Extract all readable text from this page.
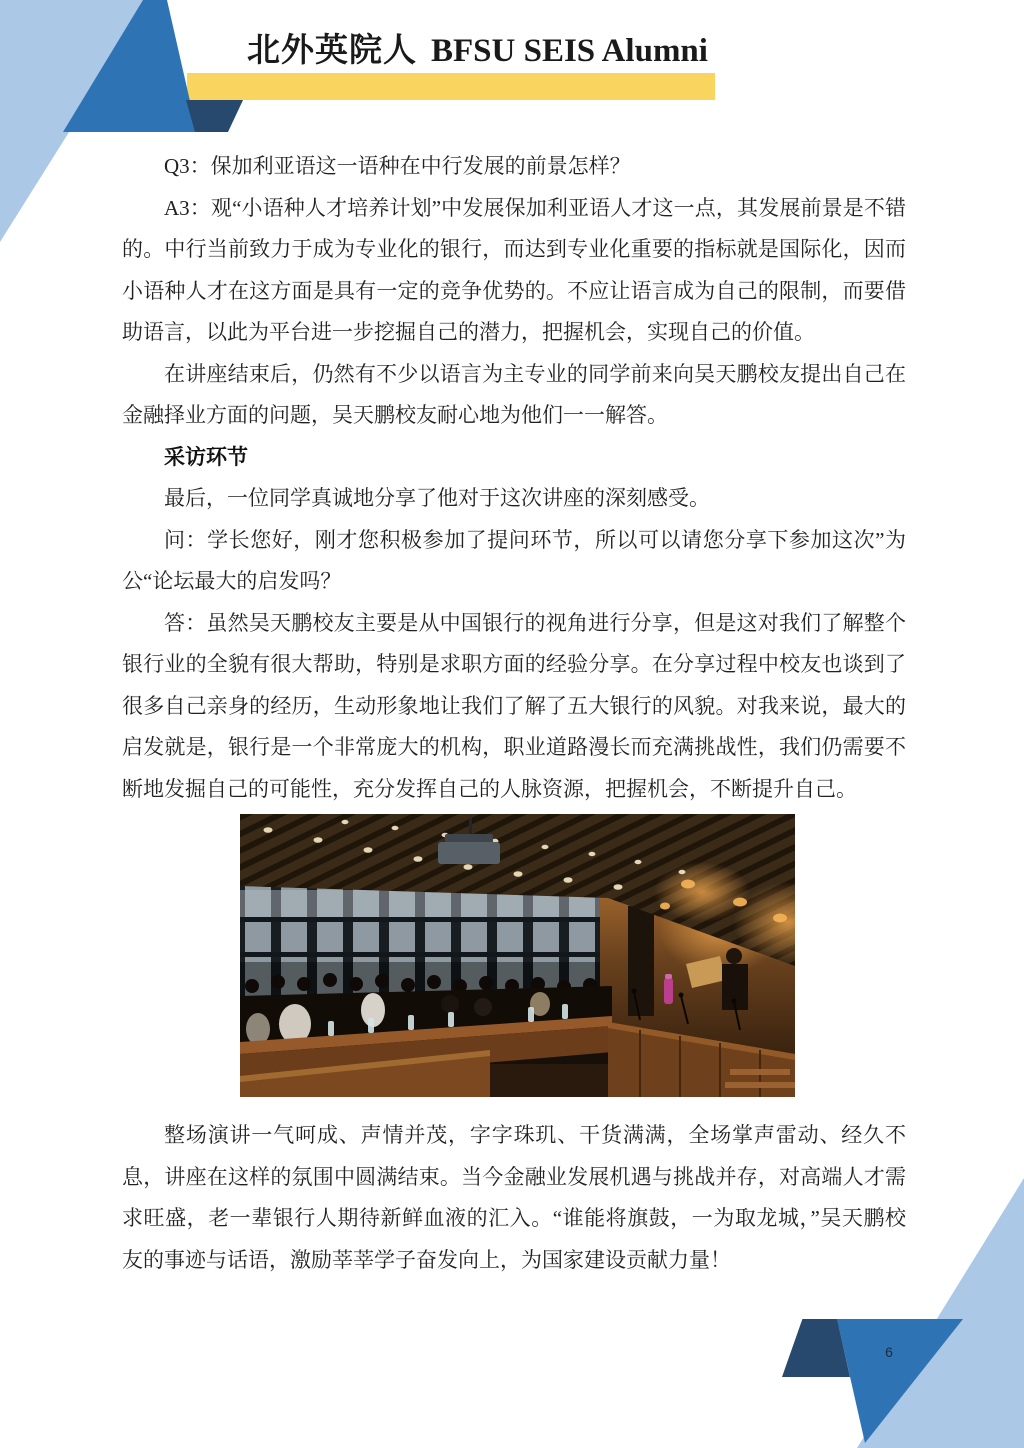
北外英院人 BFSU SEIS Alumni

Q3：保加利亚语这一语种在中行发展的前景怎样？

A3：观“小语种人才培养计划”中发展保加利亚语人才这一点，其发展前景是不错的。中行当前致力于成为专业化的银行，而达到专业化重要的指标就是国际化，因而小语种人才在这方面是具有一定的竞争优势的。不应让语言成为自己的限制，而要借助语言，以此为平台进一步挖掘自己的潜力，把握机会，实现自己的价值。

在讲座结束后，仍然有不少以语言为主专业的同学前来向吴天鹏校友提出自己在金融择业方面的问题，吴天鹏校友耐心地为他们一一解答。

采访环节

最后，一位同学真诚地分享了他对于这次讲座的深刻感受。

问：学长您好，刚才您积极参加了提问环节，所以可以请您分享下参加这次”为公“论坛最大的启发吗？

答：虽然吴天鹏校友主要是从中国银行的视角进行分享，但是这对我们了解整个银行业的全貌有很大帮助，特别是求职方面的经验分享。在分享过程中校友也谈到了很多自己亲身的经历，生动形象地让我们了解了五大银行的风貌。对我来说，最大的启发就是，银行是一个非常庞大的机构，职业道路漫长而充满挑战性，我们仍需要不断地发掘自己的可能性，充分发挥自己的人脉资源，把握机会，不断提升自己。

整场演讲一气呵成、声情并茂，字字珠玑、干货满满，全场掌声雷动、经久不息，讲座在这样的氛围中圆满结束。当今金融业发展机遇与挑战并存，对高端人才需求旺盛，老一辈银行人期待新鲜血液的汇入。“谁能将旗鼓，一为取龙城，”吴天鹏校友的事迹与话语，激励莘莘学子奋发向上，为国家建设贡献力量！

6
